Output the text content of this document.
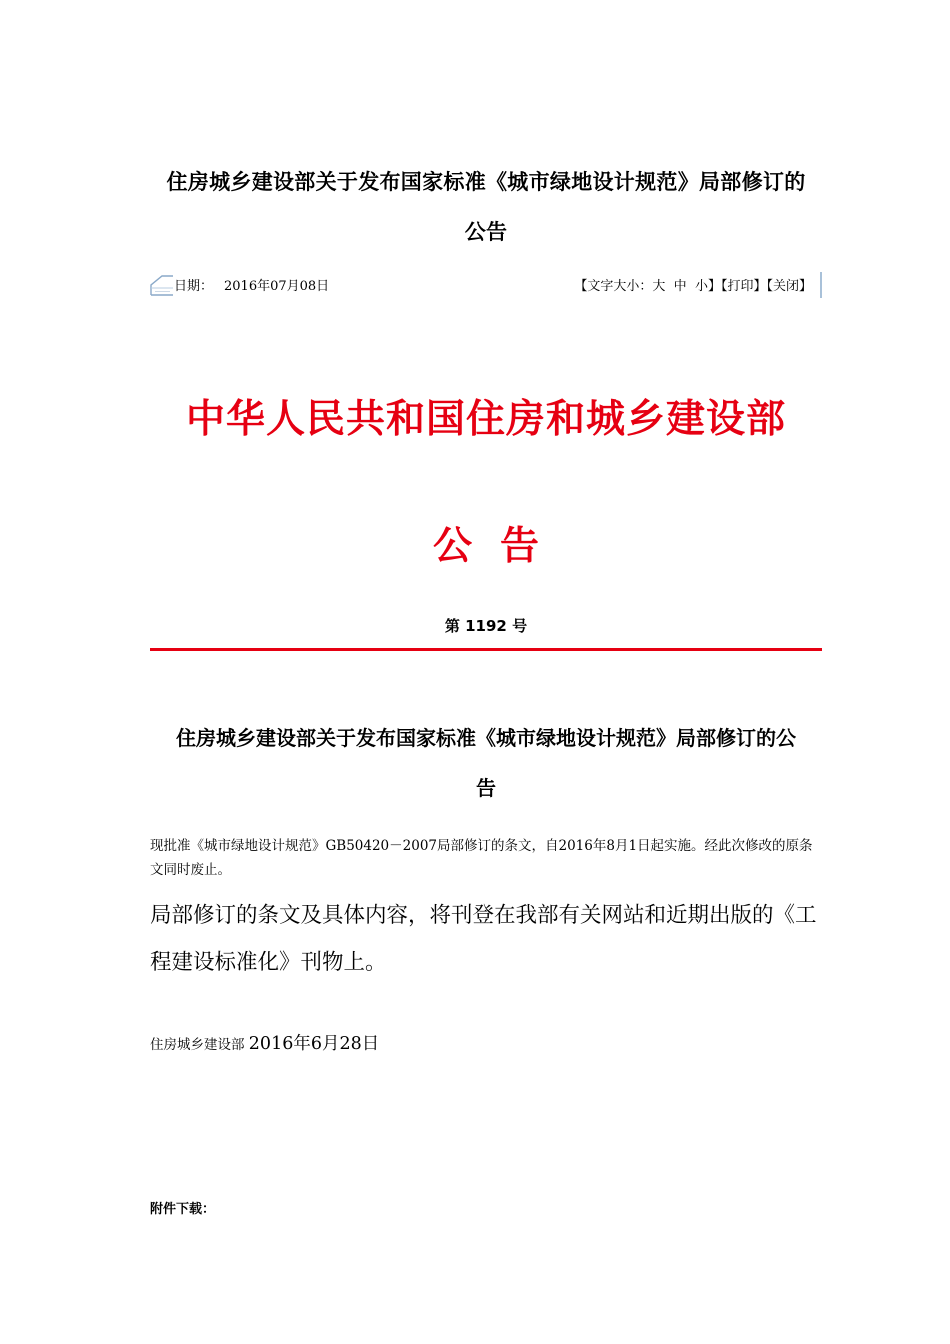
住房城乡建设部关于发布国家标准《城市绿地设计规范》局部修订的
公告
日期： 2016年07月08日	【文字大小：大 中 小】【打印】【关闭】
中华人民共和国住房和城乡建设部
公告
第 1192 号
住房城乡建设部关于发布国家标准《城市绿地设计规范》局部修订的公
告
现批准《城市绿地设计规范》GB50420－2007局部修订的条文，自2016年8月1日起实施。经此次修改的原条文同时废止。
局部修订的条文及具体内容，将刊登在我部有关网站和近期出版的《工程建设标准化》刊物上。
住房城乡建设部 2016年6月28日
附件下载：
